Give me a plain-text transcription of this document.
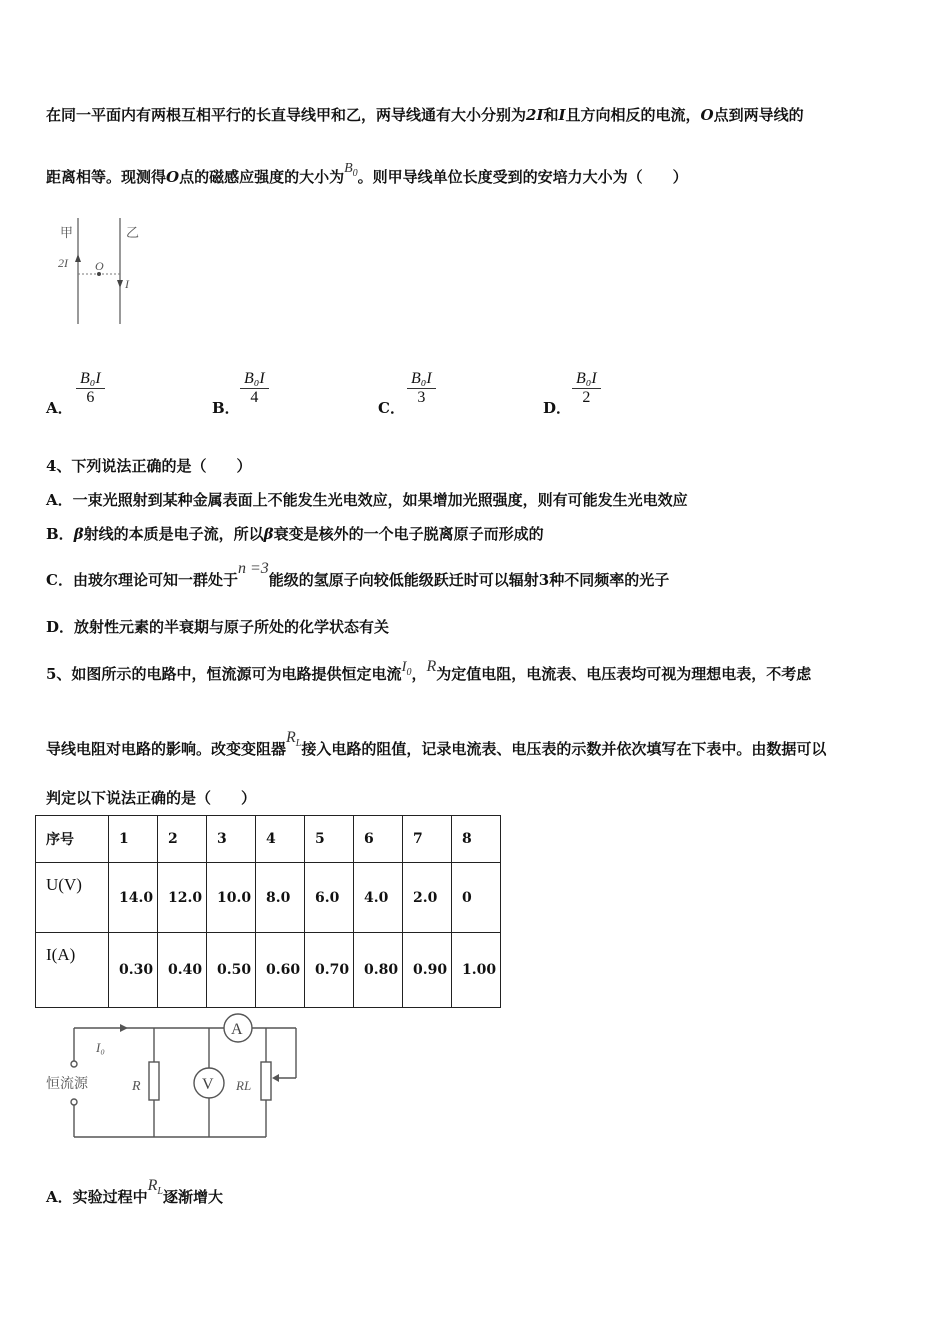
在同一平面内有两根互相平行的长直导线甲和乙，两导线通有大小分别为2I和I且方向相反的电流，O点到两导线的
距离相等。现测得O点的磁感应强度的大小为$B_0$。则甲导线单位长度受到的安培力大小为（　　）
甲	乙
2I O
I
A．
B₀I
6
B．
B₀I
4
C．
B₀I
3
D．
B₀I
2
4、下列说法正确的是（　　）
A．一束光照射到某种金属表面上不能发生光电效应，如果增加光照强度，则有可能发生光电效应
B．β射线的本质是电子流，所以β衰变是核外的一个电子脱离原子而形成的
C．由玻尔理论可知一群处于n =3能级的氢原子向较低能级跃迁时可以辐射3种不同频率的光子
D．放射性元素的半衰期与原子所处的化学状态有关
5、如图所示的电路中，恒流源可为电路提供恒定电流$I_0$，R为定值电阻，电流表、电压表均可视为理想电表，不考虑
导线电阻对电路的影响。改变变阻器$R_L$接入电路的阻值，记录电流表、电压表的示数并依次填写在下表中。由数据可以
判定以下说法正确的是（　　）
序号	1	2	3	4	5	6	7	8
U(V)	14.0	12.0	10.0	8.0	6.0	4.0	2.0	0
I(A)	0.30	0.40	0.50	0.60	0.70	0.80	0.90	1.00
恒流源
I₀
R	V
A
RL
A．实验过程中$R_L$逐渐增大
